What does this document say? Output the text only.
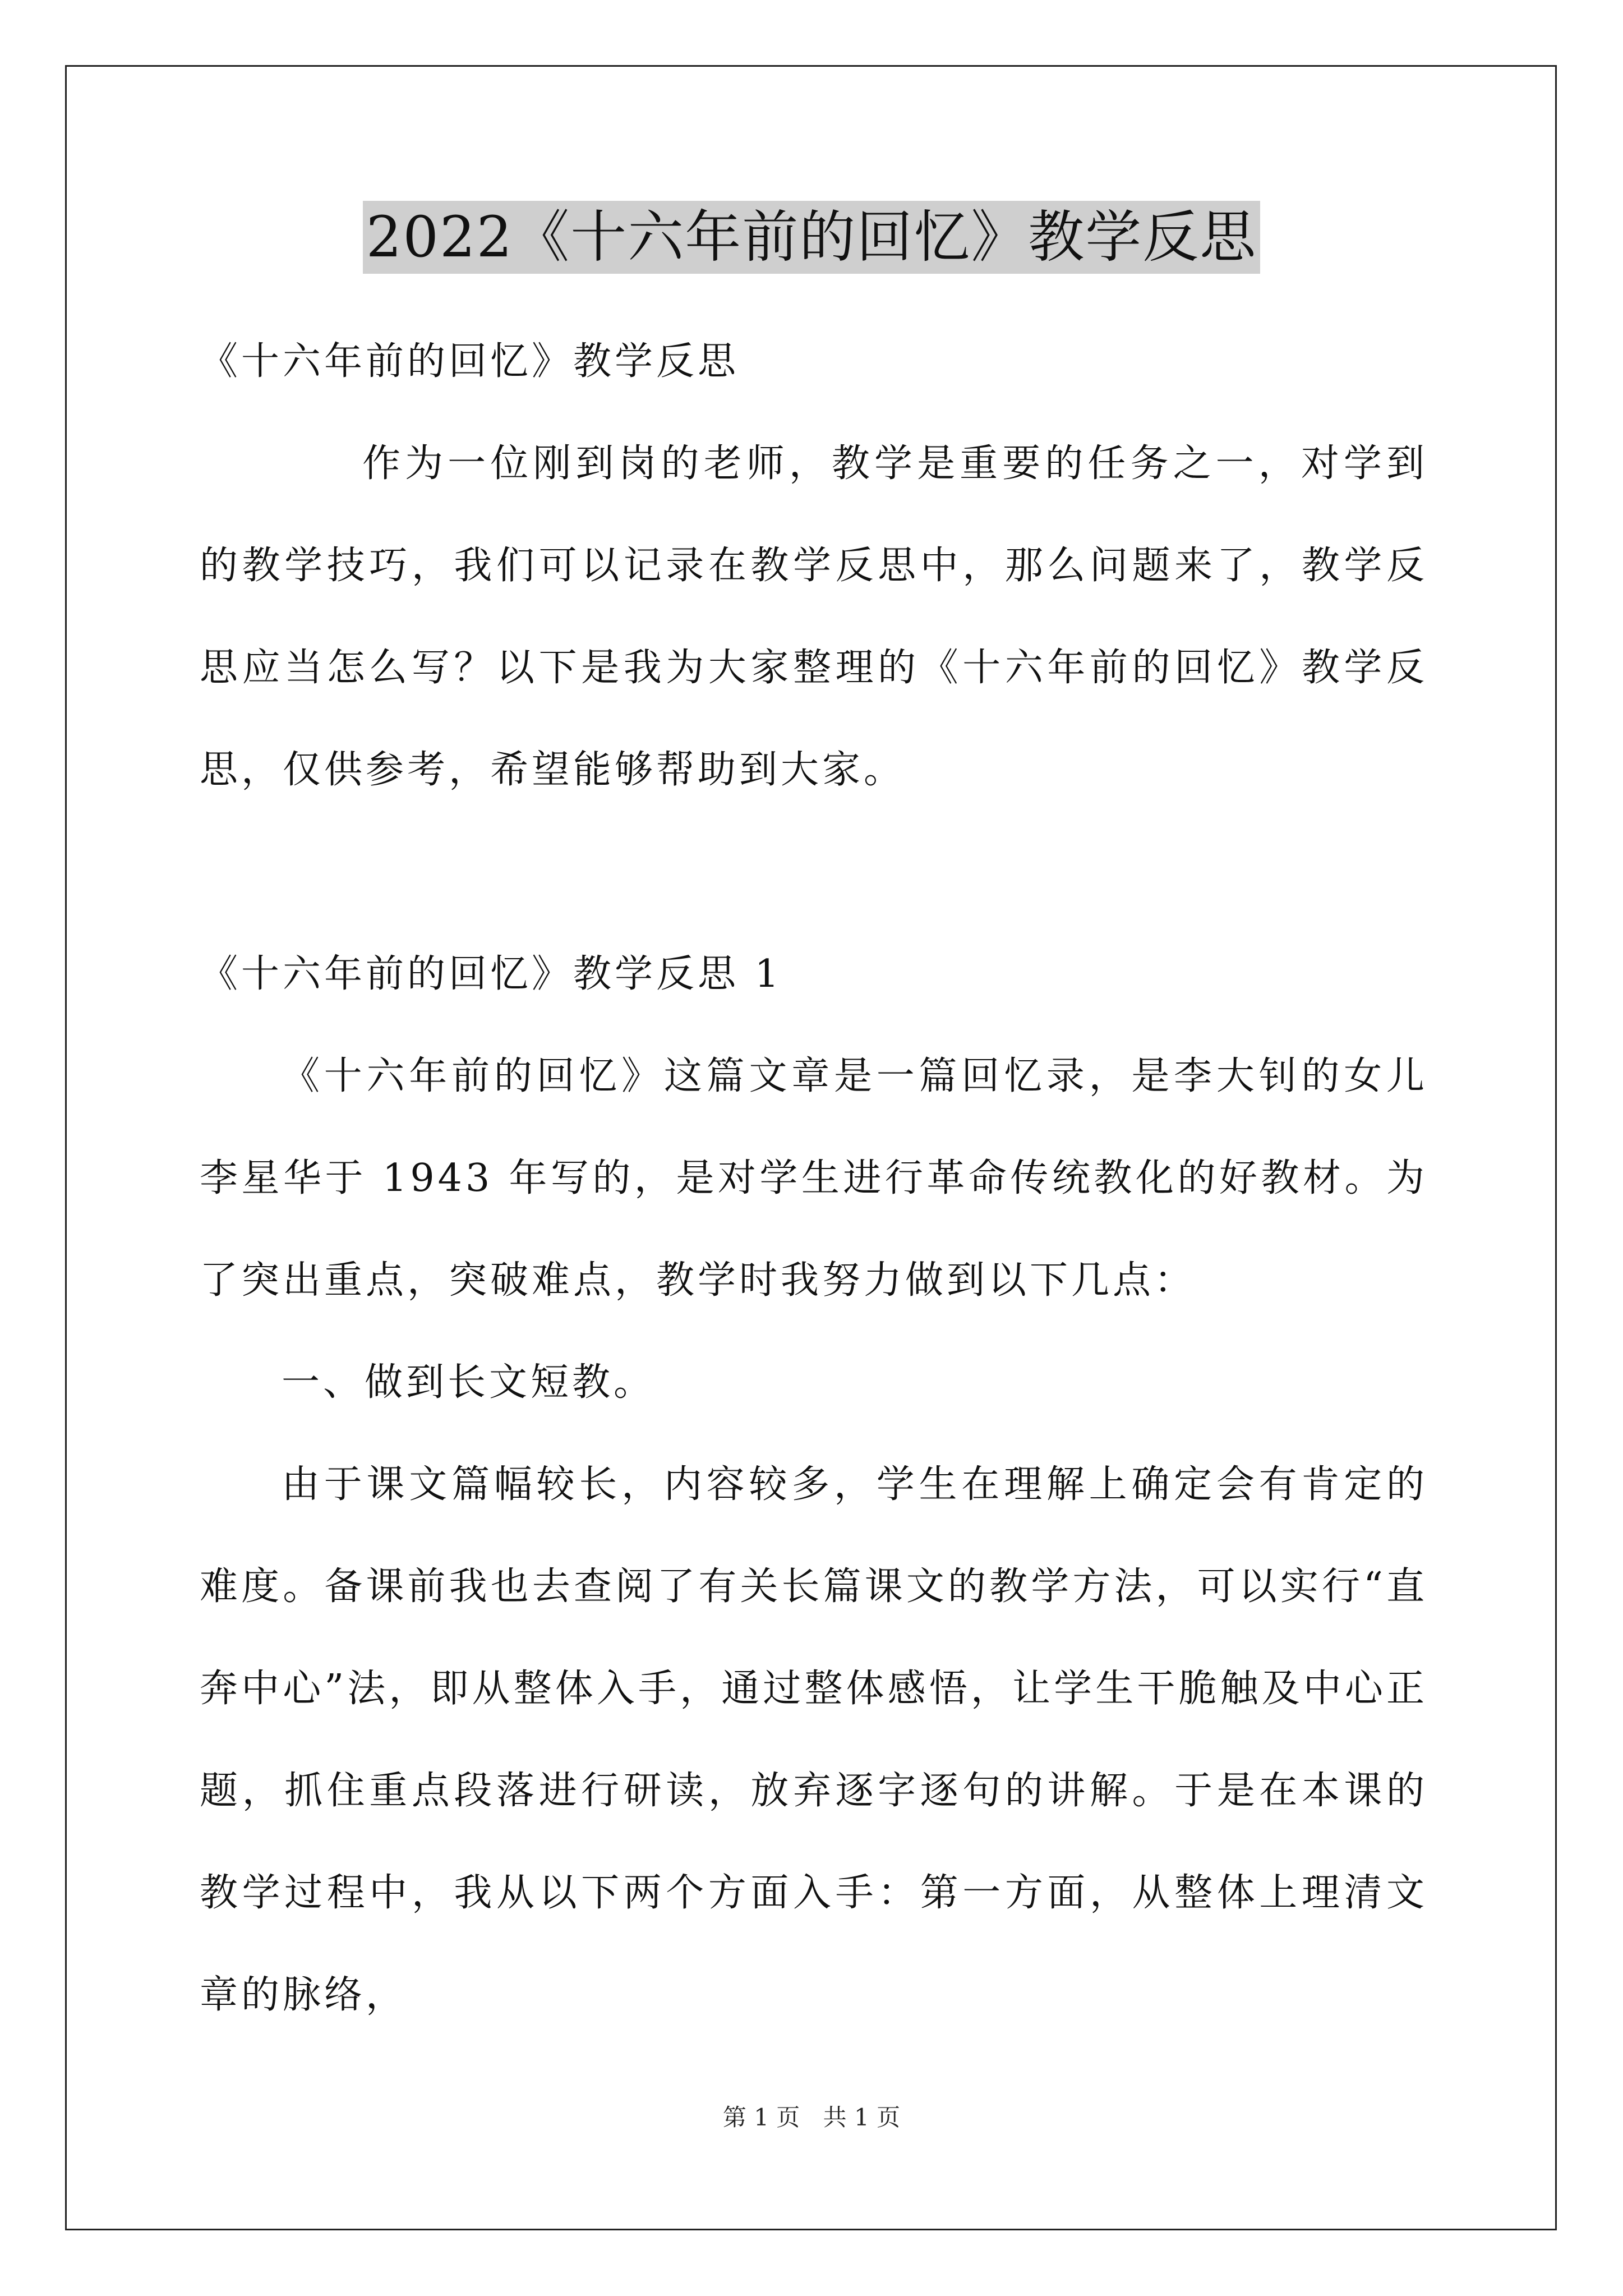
2022《十六年前的回忆》教学反思

《十六年前的回忆》教学反思

作为一位刚到岗的老师，教学是重要的任务之一，对学到的教学技巧，我们可以记录在教学反思中，那么问题来了，教学反思应当怎么写？以下是我为大家整理的《十六年前的回忆》教学反思，仅供参考，希望能够帮助到大家。

《十六年前的回忆》教学反思 1

《十六年前的回忆》这篇文章是一篇回忆录，是李大钊的女儿李星华于 1943 年写的，是对学生进行革命传统教化的好教材。为了突出重点，突破难点，教学时我努力做到以下几点：

一、做到长文短教。

由于课文篇幅较长，内容较多，学生在理解上确定会有肯定的难度。备课前我也去查阅了有关长篇课文的教学方法，可以实行“直奔中心”法，即从整体入手，通过整体感悟，让学生干脆触及中心正题，抓住重点段落进行研读，放弃逐字逐句的讲解。于是在本课的教学过程中，我从以下两个方面入手：第一方面，从整体上理清文章的脉络，

第 1 页 共 1 页
